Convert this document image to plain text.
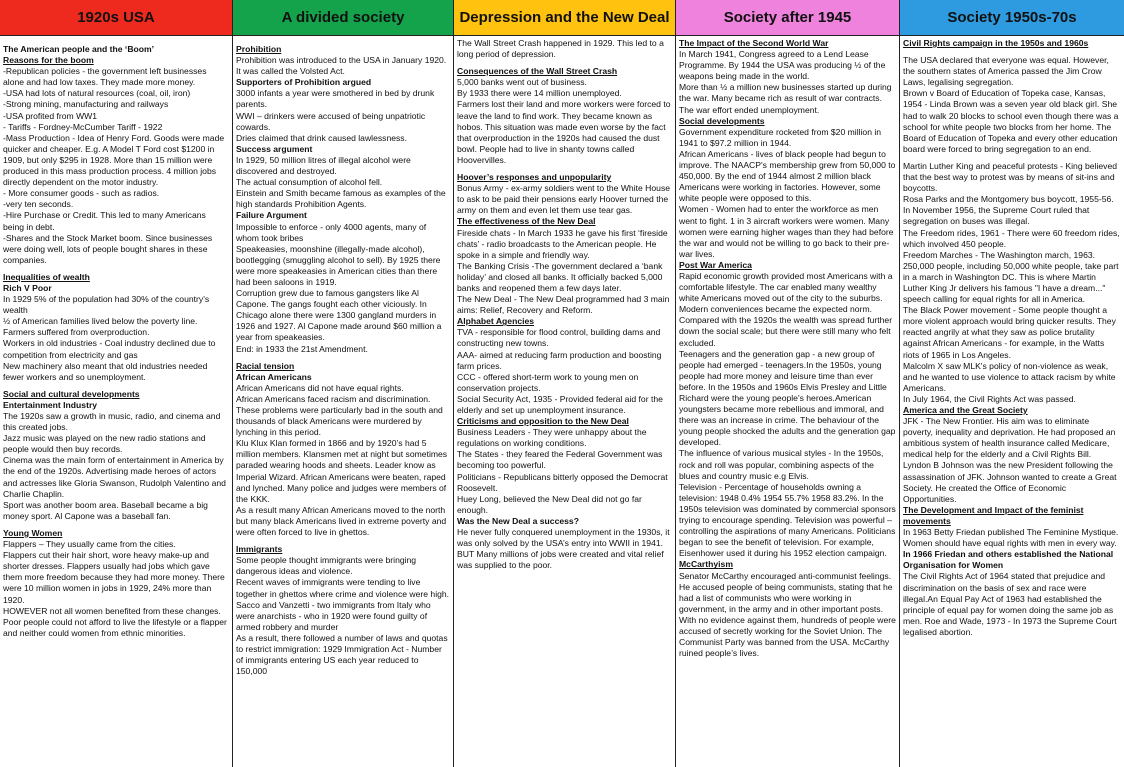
1920s USA

The American people and the ‘Boom’

Reasons for the boom

-Republican policies - the government left businesses alone and had low taxes. They made more money.

-USA had lots of natural resources (coal, oil, iron)

-Strong mining, manufacturing and railways

-USA profited from WW1

- Tariffs - Fordney-McCumber Tariff - 1922

-Mass Production - Idea of Henry Ford. Goods were made quicker and cheaper. E.g. A Model T Ford cost $1200 in 1909, but only $295 in 1928. More than 15 million were produced in this mass production process. 4 million jobs directly dependent on the motor industry.

- More consumer goods - such as radios.

-very ten seconds.

-Hire Purchase or Credit. This led to many Americans being in debt.

-Shares and the Stock Market boom. Since businesses were doing well, lots of people bought shares in these companies.

Inequalities of wealth

Rich V Poor

In 1929 5% of the population had 30% of the country's wealth

½ of American families lived below the poverty line.

Farmers suffered from overproduction.

Workers in old industries - Coal industry declined due to competition from electricity and gas

New machinery also meant that old industries needed fewer workers and so unemployment.

Social and cultural developments

Entertainment Industry

The 1920s saw a growth in music, radio, and cinema and this created jobs.

Jazz music was played on the new radio stations and people would then buy records.

Cinema was the main form of entertainment in America by the end of the 1920s. Advertising made heroes of actors and actresses like Gloria Swanson, Rudolph Valentino and Charlie Chaplin.

Sport was another boom area. Baseball became a big money sport. Al Capone was a baseball fan.

Young Women

Flappers – They usually came from the cities.

Flappers cut their hair short, wore heavy make-up and shorter dresses. Flappers usually had jobs which gave them more freedom because they had more money. There were 10 million women in jobs in 1929, 24% more than 1920.

HOWEVER not all women benefited from these changes. Poor people could not afford to live the lifestyle or a flapper and neither could women from ethnic minorities.

A divided society

Prohibition

Prohibition was introduced to the USA in January 1920. It was called the Volsted Act.

Supporters of Prohibition argued

3000 infants a year were smothered in bed by drunk parents.

WWI – drinkers were accused of being unpatriotic cowards.

Dries claimed that drink caused lawlessness.

Success argument

In 1929, 50 million litres of illegal alcohol were discovered and destroyed.

The actual consumption of alcohol fell.

Einstein and Smith became famous as examples of the high standards Prohibition Agents.

Failure Argument

Impossible to enforce - only 4000 agents, many of whom took bribes

Speakeasies, moonshine (illegally-made alcohol), bootlegging (smuggling alcohol to sell). By 1925 there were more speakeasies in American cities than there had been saloons in 1919.

Corruption grew due to famous gangsters like Al Capone. The gangs fought each other viciously. In Chicago alone there were 1300 gangland murders in 1926 and 1927. Al Capone made around $60 million a year from speakeasies.

End: in 1933 the 21st Amendment.

Racial tension

African Americans

African Americans did not have equal rights.

African Americans faced racism and discrimination.

These problems were particularly bad in the south and thousands of black Americans were murdered by lynching in this period.

Klu Klux Klan formed in 1866 and by 1920’s had 5 million members. Klansmen met at night but sometimes paraded wearing hoods and sheets. Leader know as Imperial Wizard. African Americans were beaten, raped and lynched. Many police and judges were members of the KKK.

As a result many African Americans moved to the north but many black Americans lived in extreme poverty and were often forced to live in ghettos.

Immigrants

Some people thought immigrants were bringing dangerous ideas and violence.

Recent waves of immigrants were tending to live together in ghettos where crime and violence were high. Sacco and Vanzetti - two immigrants from Italy who were anarchists - who in 1920 were found guilty of armed robbery and murder

As a result, there followed a number of laws and quotas to restrict immigration: 1929 Immigration Act - Number of immigrants entering US each year reduced to 150,000

Depression and the New Deal

The Wall Street Crash happened in 1929. This led to a long period of depression.

Consequences of the Wall Street Crash

5,000 banks went out of business.

By 1933 there were 14 million unemployed.

Farmers lost their land and more workers were forced to leave the land to find work. They became known as hobos. This situation was made even worse by the fact that overproduction in the 1920s had caused the dust bowl. People had to live in shanty towns called Hoovervilles.

Hoover’s responses and unpopularity

Bonus Army - ex-army soldiers went to the White House to ask to be paid their pensions early Hoover turned the army on them and even let them use tear gas.

The effectiveness of the New Deal

Fireside chats - In March 1933 he gave his first ‘fireside chats’ - radio broadcasts to the American people. He spoke in a simple and friendly way.

The Banking Crisis -The government declared a ‘bank holiday’ and closed all banks. It officially backed 5,000 banks and reopened them a few days later.

The New Deal - The New Deal programmed had 3 main aims: Relief, Recovery and Reform.

Alphabet Agencies

TVA - responsible for flood control, building dams and constructing new towns.

AAA- aimed at reducing farm production and boosting farm prices.

CCC - offered short-term work to young men on conservation projects.

Social Security Act, 1935 - Provided federal aid for the elderly and set up unemployment insurance.

Criticisms and opposition to the New Deal

Business Leaders - They were unhappy about the regulations on working conditions.

The States - they feared the Federal Government was becoming too powerful.

Politicians - Republicans bitterly opposed the Democrat Roosevelt.

Huey Long, believed the New Deal did not go far enough.

Was the New Deal a success?

He never fully conquered unemployment in the 1930s, it was only solved by the USA’s entry into WWII in 1941. BUT Many millions of jobs were created and vital relief was supplied to the poor.

Society after 1945

The Impact of the Second World War

In March 1941, Congress agreed to a Lend Lease Programme. By 1944 the USA was producing ½ of the weapons being made in the world.

More than ½ a million new businesses started up during the war. Many became rich as result of war contracts. The war effort ended unemployment.

Social developments

Government expenditure rocketed from $20 million in 1941 to $97.2 million in 1944.

African Americans - lives of black people had begun to improve. The NAACP's membership grew from 50,000 to 450,000. By the end of 1944 almost 2 million black Americans were working in factories. However, some white people were opposed to this.

Women - Women had to enter the workforce as men went to fight. 1 in 3 aircraft workers were women. Many women were earning higher wages than they had before the war and would not be willing to go back to their pre-war lives.

Post War America

Rapid economic growth provided most Americans with a comfortable lifestyle. The car enabled many wealthy white Americans moved out of the city to the suburbs. Modern conveniences became the expected norm. Compared with the 1920s the wealth was spread further down the social scale; but there were still many who felt excluded.

Teenagers and the generation gap - a new group of people had emerged - teenagers.In the 1950s, young people had more money and leisure time than ever before. In the 1950s and 1960s Elvis Presley and Little Richard were the young people's heroes.American youngsters became more rebellious and immoral, and there was an increase in crime. The behaviour of the young people shocked the adults and the generation gap developed.

The influence of various musical styles - In the 1950s, rock and roll was popular, combining aspects of the blues and country music e.g Elvis.

Television - Percentage of households owning a television: 1948 0.4% 1954 55.7% 1958 83.2%. In the 1950s television was dominated by commercial sponsors trying to encourage spending. Television was powerful – controlling the aspirations of many Americans. Politicians began to see the benefit of television. For example, Eisenhower used it during his 1952 election campaign.

McCarthyism

Senator McCarthy encouraged anti-communist feelings. He accused people of being communists, stating that he had a list of communists who were working in government, in the army and in other important posts. With no evidence against them, hundreds of people were accused of secretly working for the Soviet Union. The Communist Party was banned from the USA. McCarthy ruined people’s lives.

Society 1950s-70s

Civil Rights campaign in the 1950s and 1960s

The USA declared that everyone was equal. However, the southern states of America passed the Jim Crow Laws, legalising segregation.

Brown v Board of Education of Topeka case, Kansas, 1954 - Linda Brown was a seven year old black girl. She had to walk 20 blocks to school even though there was a school for white people two blocks from her home. The Board of Education of Topeka and every other education board were forced to bring segregation to an end.

Martin Luther King and peaceful protests - King believed that the best way to protest was by means of sit-ins and boycotts.

Rosa Parks and the Montgomery bus boycott, 1955-56. In November 1956, the Supreme Court ruled that segregation on buses was illegal.

The Freedom rides, 1961 - There were 60 freedom rides, which involved 450 people.

Freedom Marches - The Washington march, 1963. 250,000 people, including 50,000 white people, take part in a march in Washington DC. This is where Martin Luther King Jr delivers his famous "I have a dream..." speech calling for equal rights for all in America.

The Black Power movement - Some people thought a more violent approach would bring quicker results. They reacted angrily at what they saw as police brutality against African Americans - for example, in the Watts riots of 1965 in Los Angeles.

Malcolm X saw MLK's policy of non-violence as weak, and he wanted to use violence to attack racism by white Americans.

In July 1964, the Civil Rights Act was passed.

America and the Great Society

JFK - The New Frontier. His aim was to eliminate poverty, inequality and deprivation. He had proposed an ambitious system of health insurance called Medicare, medical help for the elderly and a Civil Rights Bill.

Lyndon B Johnson was the new President following the assassination of JFK. Johnson wanted to create a Great Society. He created the Office of Economic Opportunities.

The Development and Impact of the feminist movements

In 1963 Betty Friedan published The Feminine Mystique. Women should have equal rights with men in every way.

In 1966 Friedan and others established the National Organisation for Women

The Civil Rights Act of 1964 stated that prejudice and discrimination on the basis of sex and race were illegal.An Equal Pay Act of 1963 had established the principle of equal pay for women doing the same job as men. Roe and Wade, 1973 - In 1973 the Supreme Court legalised abortion.
